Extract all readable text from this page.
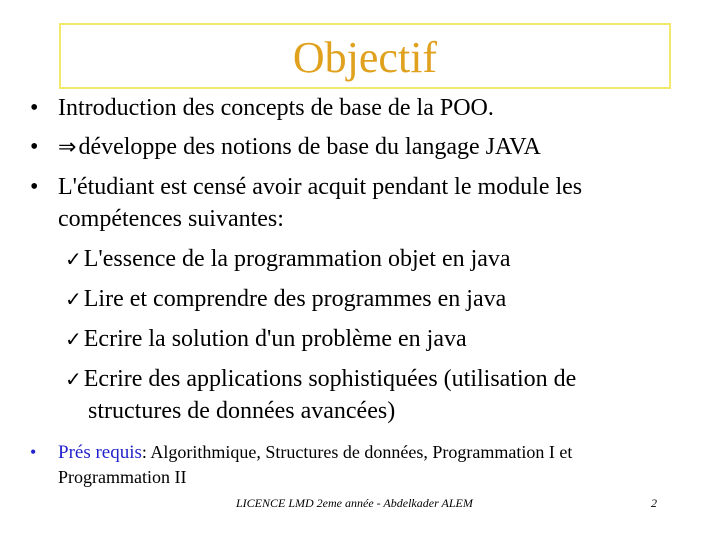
Objectif
• Introduction des concepts de base de la POO.
• ⇒développe des notions de base du langage JAVA
• L'étudiant est censé avoir acquit pendant le module les
compétences suivantes:
✓L'essence de la programmation objet en java
✓Lire et comprendre des programmes en java
✓Ecrire la solution d'un problème en java
✓Ecrire des applications sophistiquées (utilisation de
structures de données avancées)
• Prés requis: Algorithmique, Structures de données, Programmation I et
Programmation II
LICENCE LMD 2eme année - Abdelkader ALEM	2
